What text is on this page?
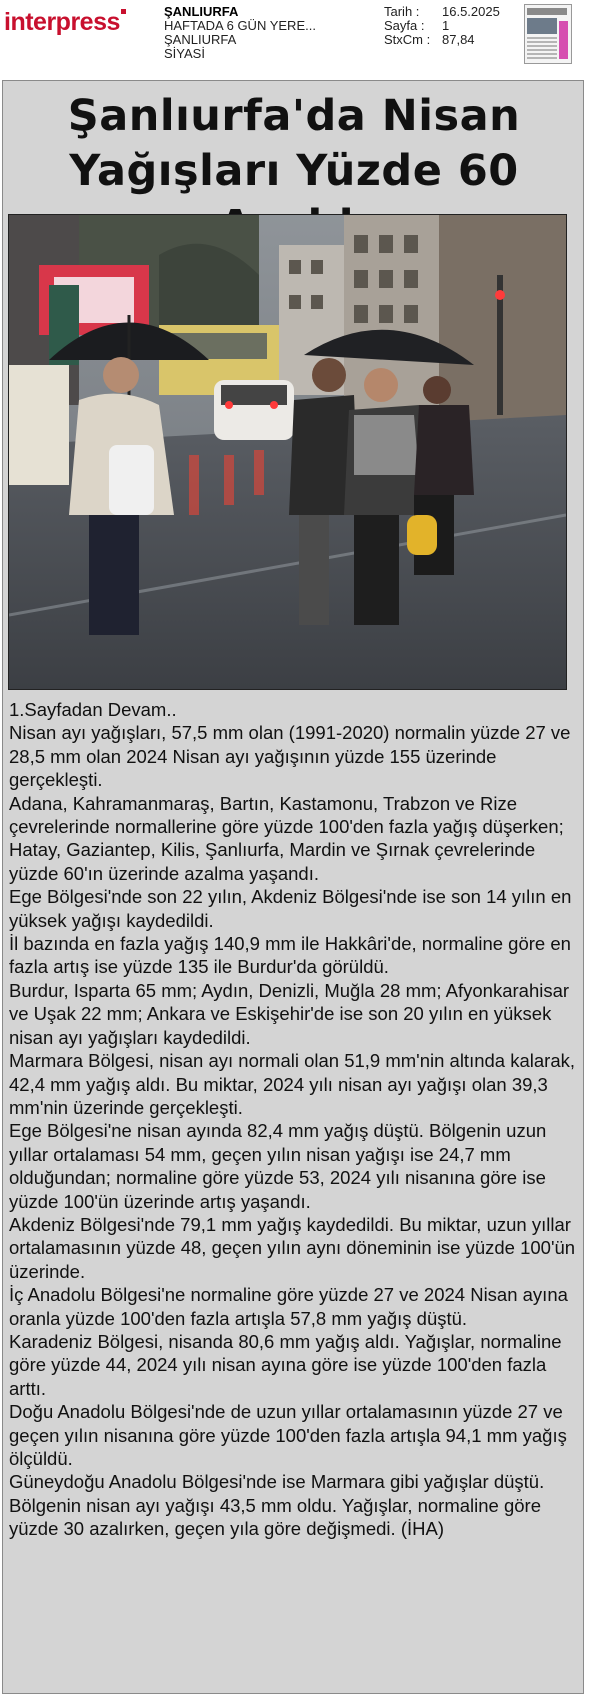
interpress	ŞANLIURFA
HAFTADA 6 GÜN YERE...
ŞANLIURFA
SİYASİ
Tarih :	16.5.2025
Sayfa :	1
StxCm : 87,84
Şanlıurfa'da Nisan
Yağışları Yüzde 60

1.Sayfadan Devam..

Nisan ayı yağışları, 57,5 mm olan (1991-2020) normalin yüzde 27 ve 28,5 mm olan 2024 Nisan ayı yağışının yüzde 155 üzerinde gerçekleşti.

Adana, Kahramanmaraş, Bartın, Kastamonu, Trabzon ve Rize çevrelerinde normallerine göre yüzde 100'den fazla yağış düşerken; Hatay, Gaziantep, Kilis, Şanlıurfa, Mardin ve Şırnak çevrelerinde yüzde 60'ın üzerinde azalma yaşandı.

Ege Bölgesi'nde son 22 yılın, Akdeniz Bölgesi'nde ise son 14 yılın en yüksek yağışı kaydedildi.

İl bazında en fazla yağış 140,9 mm ile Hakkâri'de, normaline göre en fazla artış ise yüzde 135 ile Burdur'da görüldü.

Burdur, Isparta 65 mm; Aydın, Denizli, Muğla 28 mm; Afyonkarahisar ve Uşak 22 mm; Ankara ve Eskişehir'de ise son 20 yılın en yüksek nisan ayı yağışları kaydedildi.

Marmara Bölgesi, nisan ayı normali olan 51,9 mm'nin altında kalarak, 42,4 mm yağış aldı. Bu miktar, 2024 yılı nisan ayı yağışı olan 39,3 mm'nin üzerinde gerçekleşti.

Ege Bölgesi'ne nisan ayında 82,4 mm yağış düştü. Bölgenin uzun yıllar ortalaması 54 mm, geçen yılın nisan yağışı ise 24,7 mm olduğundan; normaline göre yüzde 53, 2024 yılı nisanına göre ise yüzde 100'ün üzerinde artış yaşandı.

Akdeniz Bölgesi'nde 79,1 mm yağış kaydedildi. Bu miktar, uzun yıllar ortalamasının yüzde 48, geçen yılın aynı döneminin ise yüzde 100'ün üzerinde.

İç Anadolu Bölgesi'ne normaline göre yüzde 27 ve 2024 Nisan ayına oranla yüzde 100'den fazla artışla 57,8 mm yağış düştü.

Karadeniz Bölgesi, nisanda 80,6 mm yağış aldı. Yağışlar, normaline göre yüzde 44, 2024 yılı nisan ayına göre ise yüzde 100'den fazla arttı.

Doğu Anadolu Bölgesi'nde de uzun yıllar ortalamasının yüzde 27 ve geçen yılın nisanına göre yüzde 100'den fazla artışla 94,1 mm yağış ölçüldü.

Güneydoğu Anadolu Bölgesi'nde ise Marmara gibi yağışlar düştü. Bölgenin nisan ayı yağışı 43,5 mm oldu. Yağışlar, normaline göre yüzde 30 azalırken, geçen yıla göre değişmedi. (İHA)
